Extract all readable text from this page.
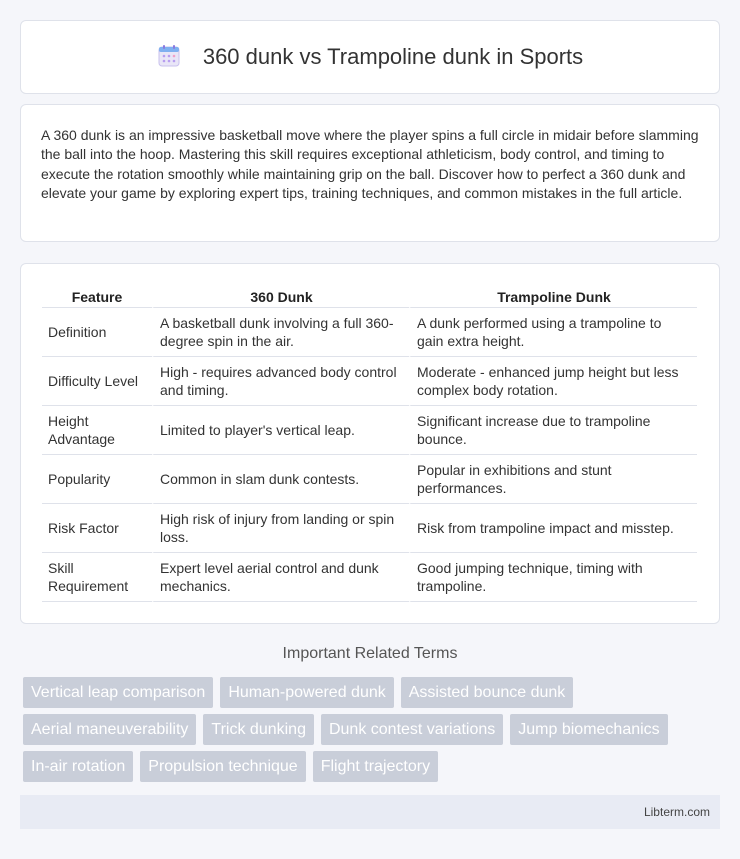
360 dunk vs Trampoline dunk in Sports

A 360 dunk is an impressive basketball move where the player spins a full circle in midair before slamming the ball into the hoop. Mastering this skill requires exceptional athleticism, body control, and timing to execute the rotation smoothly while maintaining grip on the ball. Discover how to perfect a 360 dunk and elevate your game by exploring expert tips, training techniques, and common mistakes in the full article.

Feature	360 Dunk	Trampoline Dunk
Definition	A basketball dunk involving a full 360-degree spin in the air.	A dunk performed using a trampoline to gain extra height.
Difficulty Level	High - requires advanced body control and timing.	Moderate - enhanced jump height but less complex body rotation.
Height Advantage	Limited to player's vertical leap.	Significant increase due to trampoline bounce.
Popularity	Common in slam dunk contests.	Popular in exhibitions and stunt performances.
Risk Factor	High risk of injury from landing or spin loss.	Risk from trampoline impact and misstep.
Skill Requirement	Expert level aerial control and dunk mechanics.	Good jumping technique, timing with trampoline.
Important Related Terms
Vertical leap comparison	Human-powered dunk	Assisted bounce dunk
Aerial maneuverability	Trick dunking	Dunk contest variations	Jump biomechanics
In-air rotation	Propulsion technique	Flight trajectory
Libterm.com
